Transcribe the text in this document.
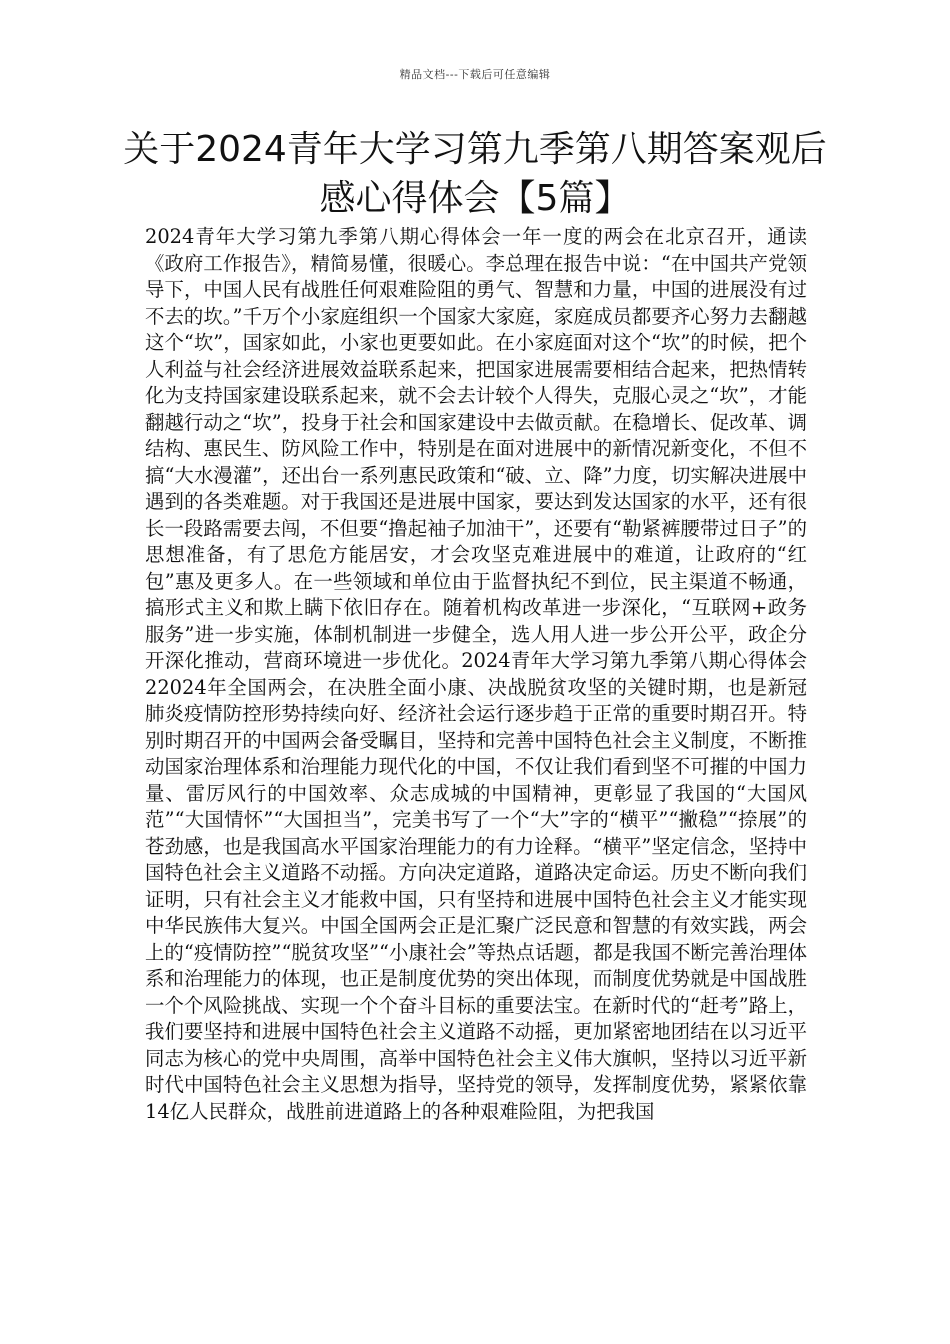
精品文档---下载后可任意编辑
关于2024青年大学习第九季第八期答案观后感心得体会【5篇】

2024青年大学习第九季第八期心得体会一年一度的两会在北京召开，通读《政府工作报告》，精简易懂，很暖心。李总理在报告中说：“在中国共产党领导下，中国人民有战胜任何艰难险阻的勇气、智慧和力量，中国的进展没有过不去的坎。”千万个小家庭组织一个国家大家庭，家庭成员都要齐心努力去翻越这个“坎”，国家如此，小家也更要如此。在小家庭面对这个“坎”的时候，把个人利益与社会经济进展效益联系起来，把国家进展需要相结合起来，把热情转化为支持国家建设联系起来，就不会去计较个人得失，克服心灵之“坎”，才能翻越行动之“坎”，投身于社会和国家建设中去做贡献。在稳增长、促改革、调结构、惠民生、防风险工作中，特别是在面对进展中的新情况新变化，不但不搞“大水漫灌”，还出台一系列惠民政策和“破、立、降”力度，切实解决进展中遇到的各类难题。对于我国还是进展中国家，要达到发达国家的水平，还有很长一段路需要去闯，不但要“撸起袖子加油干”，还要有“勒紧裤腰带过日子”的思想准备，有了思危方能居安，才会攻坚克难进展中的难道，让政府的“红包”惠及更多人。在一些领域和单位由于监督执纪不到位，民主渠道不畅通，搞形式主义和欺上瞒下依旧存在。随着机构改革进一步深化，“互联网+政务服务”进一步实施，体制机制进一步健全，选人用人进一步公开公平，政企分开深化推动，营商环境进一步优化。2024青年大学习第九季第八期心得体会22024年全国两会，在决胜全面小康、决战脱贫攻坚的关键时期，也是新冠肺炎疫情防控形势持续向好、经济社会运行逐步趋于正常的重要时期召开。特别时期召开的中国两会备受瞩目，坚持和完善中国特色社会主义制度，不断推动国家治理体系和治理能力现代化的中国，不仅让我们看到坚不可摧的中国力量、雷厉风行的中国效率、众志成城的中国精神，更彰显了我国的“大国风范”“大国情怀”“大国担当”，完美书写了一个“大”字的“横平”“撇稳”“捺展”的苍劲感，也是我国高水平国家治理能力的有力诠释。“横平”坚定信念，坚持中国特色社会主义道路不动摇。方向决定道路，道路决定命运。历史不断向我们证明，只有社会主义才能救中国，只有坚持和进展中国特色社会主义才能实现中华民族伟大复兴。中国全国两会正是汇聚广泛民意和智慧的有效实践，两会上的“疫情防控”“脱贫攻坚”“小康社会”等热点话题，都是我国不断完善治理体系和治理能力的体现，也正是制度优势的突出体现，而制度优势就是中国战胜一个个风险挑战、实现一个个奋斗目标的重要法宝。在新时代的“赶考”路上，我们要坚持和进展中国特色社会主义道路不动摇，更加紧密地团结在以习近平同志为核心的党中央周围，高举中国特色社会主义伟大旗帜，坚持以习近平新时代中国特色社会主义思想为指导，坚持党的领导，发挥制度优势，紧紧依靠14亿人民群众，战胜前进道路上的各种艰难险阻，为把我国
